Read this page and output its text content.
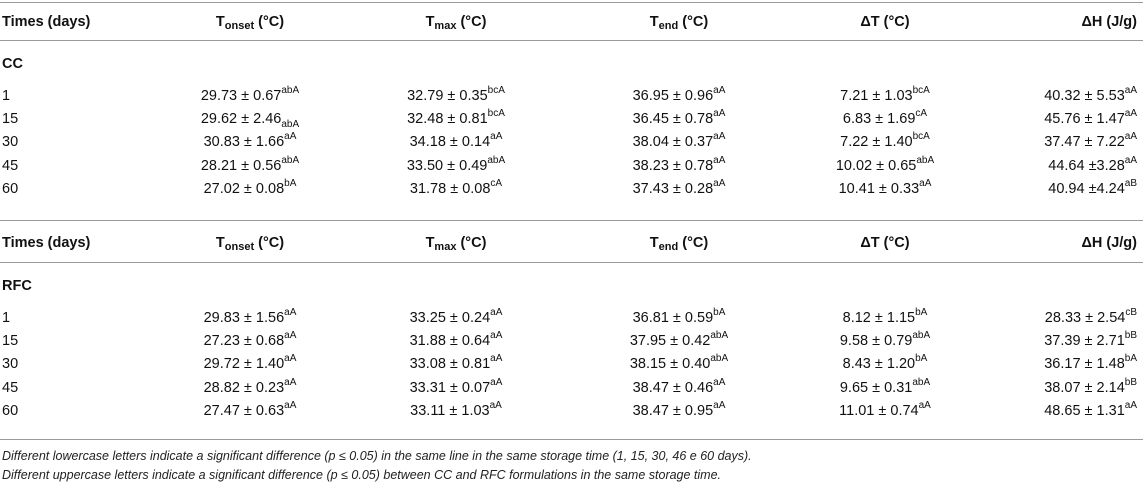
Times (days)	$T_{onset}$ (°C)	$T_{max}$ (°C)	$T_{end}$ (°C)	ΔT (°C)	ΔH (J/g)
CC
1	$29.73 \pm 0.67^{abA}$	$32.79 \pm 0.35^{bcA}$	$36.95 \pm 0.96^{aA}$	$7.21 \pm 1.03^{bcA}$	$40.32 \pm 5.53^{aA}$
15	$29.62 \pm 2.46_{abA}$	$32.48 \pm 0.81^{bcA}$	$36.45 \pm 0.78^{aA}$	$6.83 \pm 1.69^{cA}$	$45.76 \pm 1.47^{aA}$
30	$30.83 \pm 1.66^{aA}$	$34.18 \pm 0.14^{aA}$	$38.04 \pm 0.37^{aA}$	$7.22 \pm 1.40^{bcA}$	$37.47 \pm 7.22^{aA}$
45	$28.21 \pm 0.56^{abA}$	$33.50 \pm 0.49^{abA}$	$38.23 \pm 0.78^{aA}$	$10.02 \pm 0.65^{abA}$	$44.64 \pm 3.28^{aA}$
60	$27.02 \pm 0.08^{bA}$	$31.78 \pm 0.08^{cA}$	$37.43 \pm 0.28^{aA}$	$10.41 \pm 0.33^{aA}$	$40.94 \pm 4.24^{aB}$
Times (days)	$T_{onset}$ (°C)	$T_{max}$ (°C)	$T_{end}$ (°C)	ΔT (°C)	ΔH (J/g)
RFC
1	$29.83 \pm 1.56^{aA}$	$33.25 \pm 0.24^{aA}$	$36.81 \pm 0.59^{bA}$	$8.12 \pm 1.15^{bA}$	$28.33 \pm 2.54^{cB}$
15	$27.23 \pm 0.68^{aA}$	$31.88 \pm 0.64^{aA}$	$37.95 \pm 0.42^{abA}$	$9.58 \pm 0.79^{abA}$	$37.39 \pm 2.71^{bB}$
30	$29.72 \pm 1.40^{aA}$	$33.08 \pm 0.81^{aA}$	$38.15 \pm 0.40^{abA}$	$8.43 \pm 1.20^{bA}$	$36.17 \pm 1.48^{bA}$
45	$28.82 \pm 0.23^{aA}$	$33.31 \pm 0.07^{aA}$	$38.47 \pm 0.46^{aA}$	$9.65 \pm 0.31^{abA}$	$38.07 \pm 2.14^{bB}$
60	$27.47 \pm 0.63^{aA}$	$33.11 \pm 1.03^{aA}$	$38.47 \pm 0.95^{aA}$	$11.01 \pm 0.74^{aA}$	$48.65 \pm 1.31^{aA}$
Different lowercase letters indicate a significant difference (p ≤ 0.05) in the same line in the same storage time (1, 15, 30, 46 e 60 days).
Different uppercase letters indicate a significant difference (p ≤ 0.05) between CC and RFC formulations in the same storage time.
